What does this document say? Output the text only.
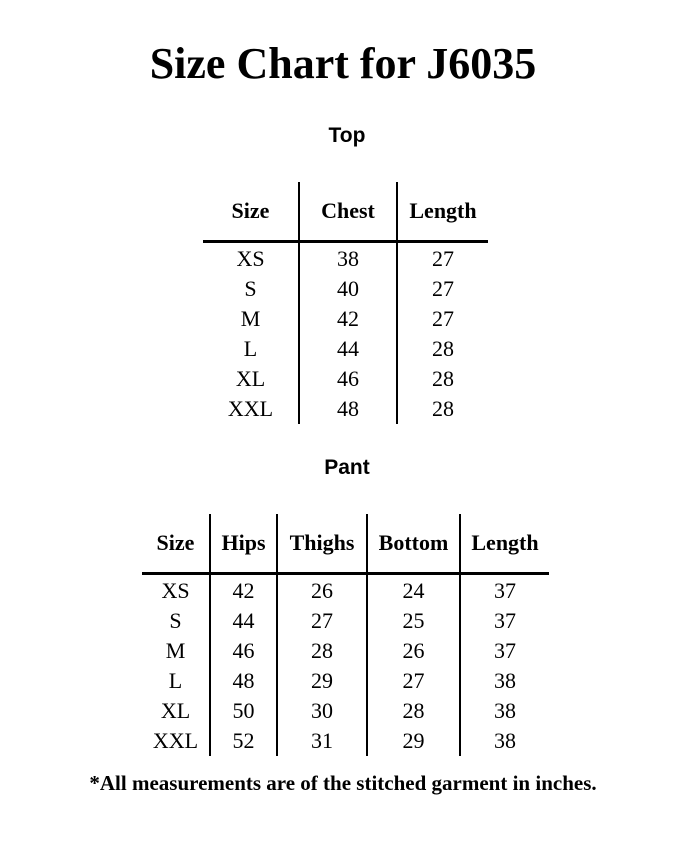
Size Chart for J6035
Top
Size	Chest	Length
XS	38	27
S	40	27
M	42	27
L	44	28
XL	46	28
XXL	48	28
Pant
Size	Hips	Thighs	Bottom	Length
XS	42	26	24	37
S	44	27	25	37
M	46	28	26	37
L	48	29	27	38
XL	50	30	28	38
XXL	52	31	29	38
*All measurements are of the stitched garment in inches.
